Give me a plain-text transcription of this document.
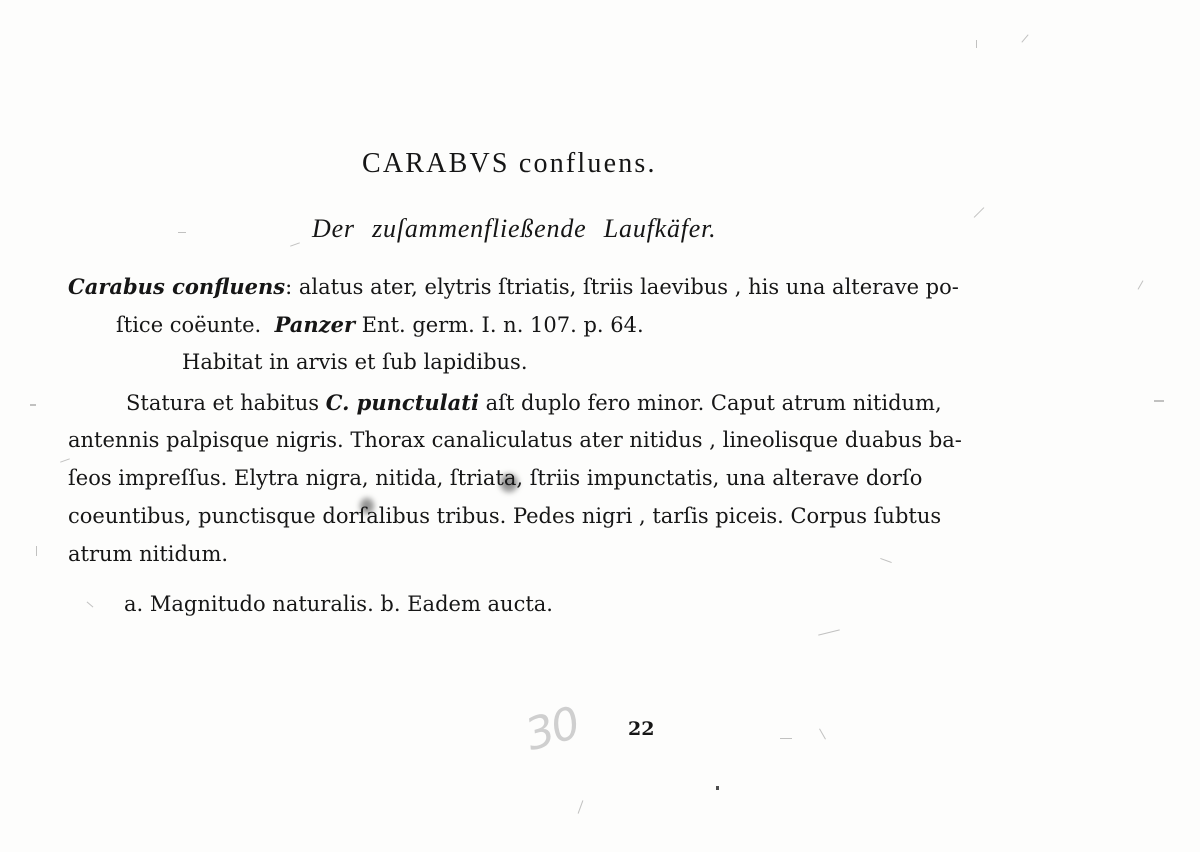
CARABVS confluens.
Der zuſammenfließende Laufkäfer.
Carabus confluens: alatus ater, elytris ſtriatis, ſtriis laevibus , his una alterave po-
ſtice coëunte. Panzer Ent. germ. I. n. 107. p. 64.
Habitat in arvis et ſub lapidibus.
Statura et habitus C. punctulati aſt duplo fero minor. Caput atrum nitidum,
antennis palpisque nigris. Thorax canaliculatus ater nitidus , lineolisque duabus ba-
ſeos impreſſus. Elytra nigra, nitida, ſtriata, ſtriis impunctatis, una alterave dorſo
coeuntibus, punctisque dorſalibus tribus. Pedes nigri , tarſis piceis. Corpus ſubtus
atrum nitidum.
a. Magnitudo naturalis. b. Eadem aucta.
30 22
